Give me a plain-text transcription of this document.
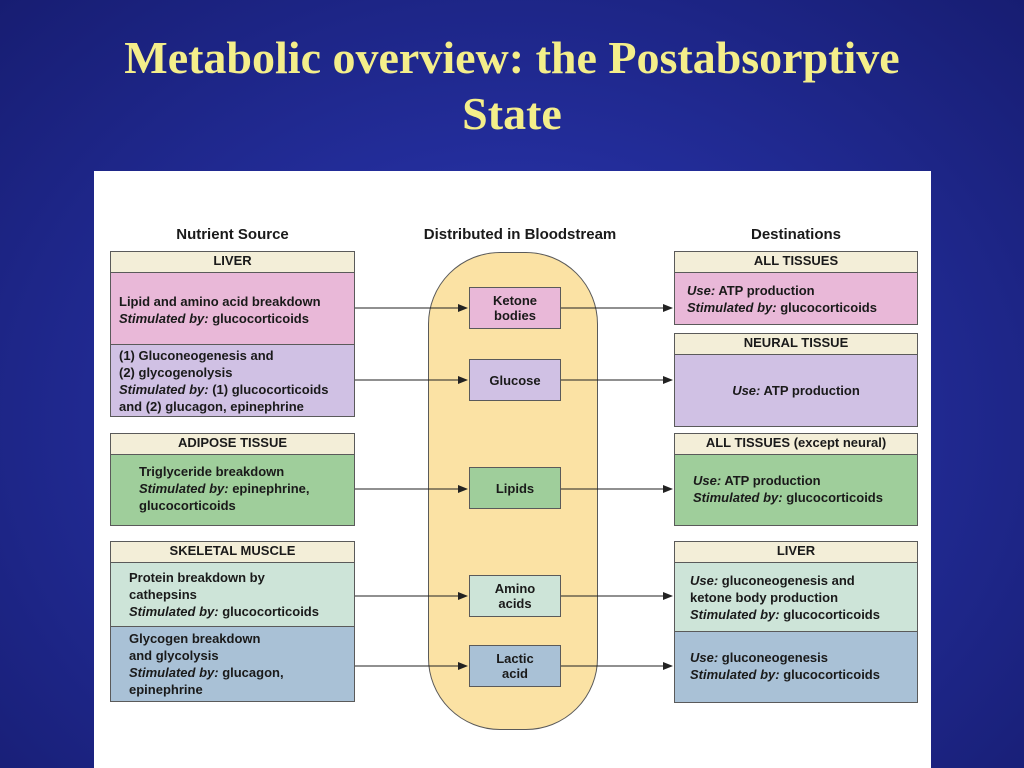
Metabolic overview: the Postabsorptive
State
Nutrient Source	Distributed in Bloodstream	Destinations
LIVER
Lipid and amino acid breakdown
Stimulated by: glucocorticoids
(1) Gluconeogenesis and
(2) glycogenolysis
Stimulated by: (1) glucocorticoids
and (2) glucagon, epinephrine
ADIPOSE TISSUE
Triglyceride breakdown
Stimulated by: epinephrine,
glucocorticoids
SKELETAL MUSCLE
Protein breakdown by
cathepsins
Stimulated by: glucocorticoids
Glycogen breakdown
and glycolysis
Stimulated by: glucagon,
epinephrine
Ketone
bodies
Glucose
Lipids
Amino
acids
Lactic
acid
ALL TISSUES
Use: ATP production
Stimulated by: glucocorticoids
NEURAL TISSUE
Use: ATP production
ALL TISSUES (except neural)
Use: ATP production
Stimulated by: glucocorticoids
LIVER
Use: gluconeogenesis and
ketone body production
Stimulated by: glucocorticoids
Use: gluconeogenesis
Stimulated by: glucocorticoids
